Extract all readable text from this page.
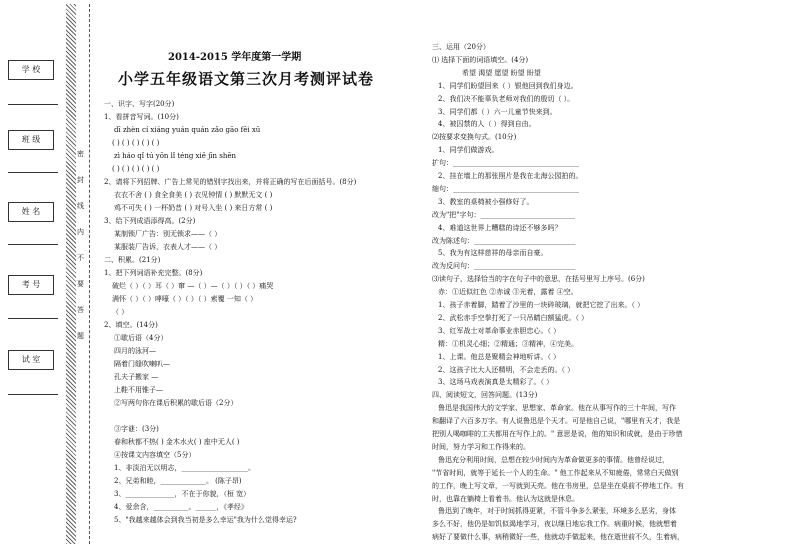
学 校
班 级
姓 名
考 号
试 室
密
封
线
内
不
要
答
题
2014-2015 学年度第一学期
小学五年级语文第三次月考测评试卷
一、识字、写字(20分)
1、看拼音写词。(10分)
dī zhèn cí xiáng yuán quán zǎo gāo fēi xū
( ) ( ) ( ) ( ) ( )
zì háo qǐ tú yōn lǐ téng xiě jīn shēn
( ) ( ) ( ) ( ) ( )
2、请将下列招牌、广告上常见的错别字找出来，并将正确的写在后面括号。(8分)
衣衣不舍 ( ) 食全食美 ( ) 衣见钟情 ( ) 默默无文 ( )
鸡不可失 ( ) 一杯奶昔 ( ) 对号入坐 ( ) 来日方常 ( )
3、给下列成语添得高。(2分)
某制锁厂广告：别无锁求——（ ）
某服装厂告诉，衣表人才——（ ）
二、积累。(21分)
1、把下列词语补充完整。(8分)
破烂（ ）（ ）耳（ ）窜 —（ ）—（ ）（ ）（ ）痛哭
满怀（ ）（ ）哮嚎（ ）（ ）（ ）索覆 一知（ ）
（ ）
2、填空。(14分)
①歇后语（4分）
四月的泳河—
隔着门缝吹喇叭—
孔夫子搬家 —
上鞋不用锥子—
②写两句你在课后积累的歇后语（2分）
③字谜：(3分)
春和秋都不热( ) 金木水火( ) 座中无人( )
④按课文内容填空（5分）
1、非淡泊无以明志，___________________。
2、兄弟和睦，_____________。 (陈子昂)
3、______________，不在于你貌，（桓 宽）
4、爱余含，__________。______，《孝经》
5、"我越来越体会到我当初是多么幸运"我为什么觉得幸运?
三、运用（20分）
⑴ 选择下面的词语填空。(4分)
希望 渴望 愿望 盼望 盼望
1、同学们盼望回来（ ）银他回到我们身边。
2、我们决不能辜负老师对我们的殷切（ ）。
3、同学们都（ ）六一儿童节快来到。
4、被囚禁的人（ ）得到自由。
⑵按要求变换句式。(10分)
1、同学们做游戏。
扩句：____________________________________
2、挂在墙上的那张照片是我在北海公园拍的。
缩句：____________________________________
3、教室的桌椅被小强修好了。
改为"把"字句：___________________________
4、难道这世界上糟糕的诗还不够多吗？
改为陈述句：_____________________________
5、我为有这样慈祥的母亲而自豪。
改为反问句：_____________________________
⑶读句子，选择恰当的字在句子中的意思，在括号里写上序号。(6分)
赤：①近似红色 ②赤诚 ③光着，露着 ④空。
1、孩子赤着脚，踏着了沙里的一块碎玻璃，就把它挖了出来。（ ）
2、武松赤手空拳打死了一只吊睛白额猛虎。（ ）
3、红军战士对革命事业赤胆忠心。（ ）
精：①机灵心细；②精通；③精神，④完美。
1、上课。他总是聚精会神地听讲。（ ）
2、这孩子比大人还精明，不会走丢的。（ ）
3、这场马戏表演真是太精彩了。（ ）
四、阅读短文，回答问题。(13分)
鲁迅是我国伟大的文学家、思想家、革命家。他在从事写作的三十年间，写作
和翻译了六百多万字。有人说鲁迅是个天才。可是他自己说，"哪里有天才，我是
把别人喝咖啡的工夫都用在写作上的。" 意思是说，他的知识和成就，是由于珍惜
时间，努力学习和工作得来的。
鲁迅充分利用时间，总想在较少时间内为革命做更多的事情。他曾经说过，
"节省时间，就等于延长一个人的生命。" 他工作起来从不知疲倦，常常白天做别
的工作，晚上写文章，一写就到天亮。他在书房里，总是坐在桌前不停地工作。有
时，也靠在躺椅上看着书。他认为这就是休息。
鲁迅到了晚年，对于时间抓得更紧，不管斗争多么紧张，环境多么恶劣，身体
多么不好，他仍是如饥似渴地学习，夜以继日地忘我工作。病重时候，他就想着
病好了要做什么事，病稍微好一些，他就动手做起来，他在逝世前不久，生着病，
